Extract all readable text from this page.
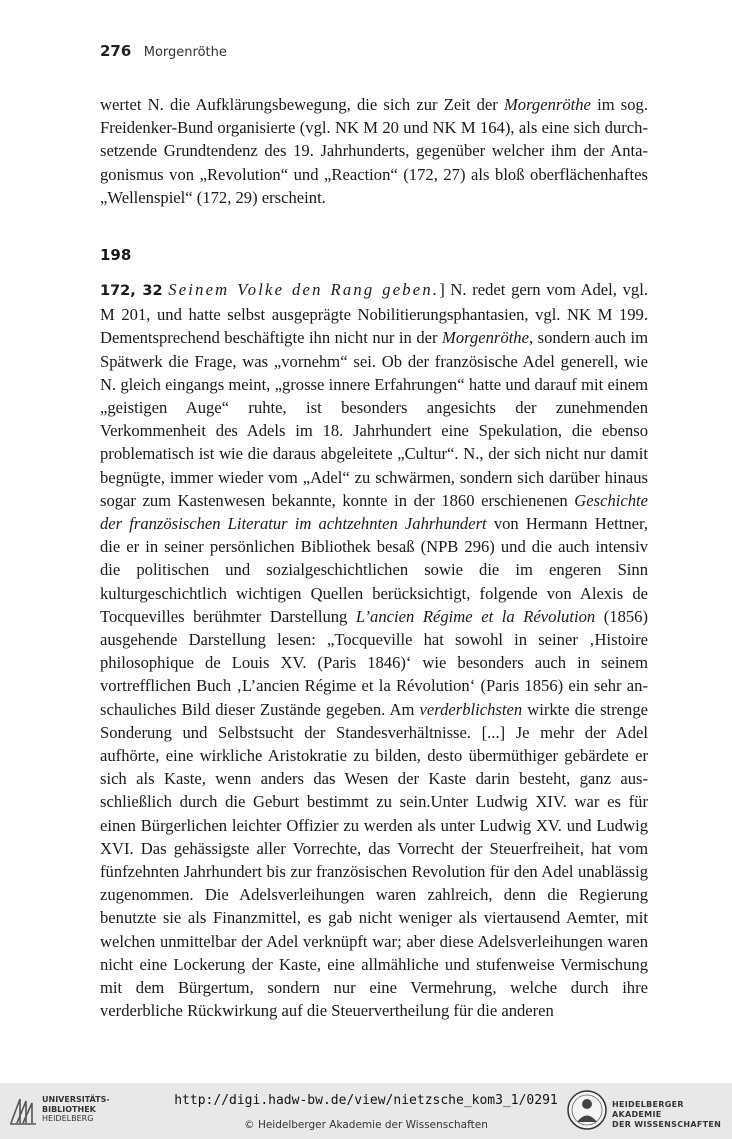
276 Morgenröthe
wertet N. die Aufklärungsbewegung, die sich zur Zeit der Morgenröthe im sog. Freidenker-Bund organisierte (vgl. NK M 20 und NK M 164), als eine sich durchsetzende Grundtendenz des 19. Jahrhunderts, gegenüber welcher ihm der Antagonismus von „Revolution“ und „Reaction“ (172, 27) als bloß oberflächenhaftes „Wellenspiel“ (172, 29) erscheint.
198
172, 32 Seinem Volke den Rang geben.] N. redet gern vom Adel, vgl. M 201, und hatte selbst ausgeprägte Nobilitierungsphantasien, vgl. NK M 199. Dementsprechend beschäftigte ihn nicht nur in der Morgenröthe, sondern auch im Spätwerk die Frage, was „vornehm“ sei. Ob der französische Adel generell, wie N. gleich eingangs meint, „grosse innere Erfahrungen“ hatte und darauf mit einem „geistigen Auge“ ruhte, ist besonders angesichts der zunehmenden Verkommenheit des Adels im 18. Jahrhundert eine Spekulation, die ebenso problematisch ist wie die daraus abgeleitete „Cultur“. N., der sich nicht nur damit begnügte, immer wieder vom „Adel“ zu schwärmen, sondern sich darüber hinaus sogar zum Kastenwesen bekannte, konnte in der 1860 erschienenen Geschichte der französischen Literatur im achtzehnten Jahrhundert von Hermann Hettner, die er in seiner persönlichen Bibliothek besaß (NPB 296) und die auch intensiv die politischen und sozialgeschichtlichen sowie die im engeren Sinn kulturgeschichtlich wichtigen Quellen berücksichtigt, folgende von Alexis de Tocquevilles berühmter Darstellung L’ancien Régime et la Révolution (1856) ausgehende Darstellung lesen: „Tocqueville hat sowohl in seiner ‚Histoire philosophique de Louis XV. (Paris 1846)‘ wie besonders auch in seinem vortrefflichen Buch ‚L’ancien Régime et la Révolution‘ (Paris 1856) ein sehr anschauliches Bild dieser Zustände gegeben. Am verderblichsten wirkte die strenge Sonderung und Selbstsucht der Standesverhältnisse. [...] Je mehr der Adel aufhörte, eine wirkliche Aristokratie zu bilden, desto übermüthiger gebärdete er sich als Kaste, wenn anders das Wesen der Kaste darin besteht, ganz ausschließlich durch die Geburt bestimmt zu sein.Unter Ludwig XIV. war es für einen Bürgerlichen leichter Offizier zu werden als unter Ludwig XV. und Ludwig XVI. Das gehässigste aller Vorrechte, das Vorrecht der Steuerfreiheit, hat vom fünfzehnten Jahrhundert bis zur französischen Revolution für den Adel unablässig zugenommen. Die Adelsverleihungen waren zahlreich, denn die Regierung benutzte sie als Finanzmittel, es gab nicht weniger als viertausend Aemter, mit welchen unmittelbar der Adel verknüpft war; aber diese Adelsverleihungen waren nicht eine Lockerung der Kaste, eine allmähliche und stufenweise Vermischung mit dem Bürgertum, sondern nur eine Vermehrung, welche durch ihre verderbliche Rückwirkung auf die Steuervertheilung für die anderen
UNIVERSITÄTS-
BIBLIOTHEK
HEIDELBERG
http://digi.hadw-bw.de/view/nietzsche_kom3_1/0291
© Heidelberger Akademie der Wissenschaften
HEIDELBERGER AKADEMIE
DER WISSENSCHAFTEN
